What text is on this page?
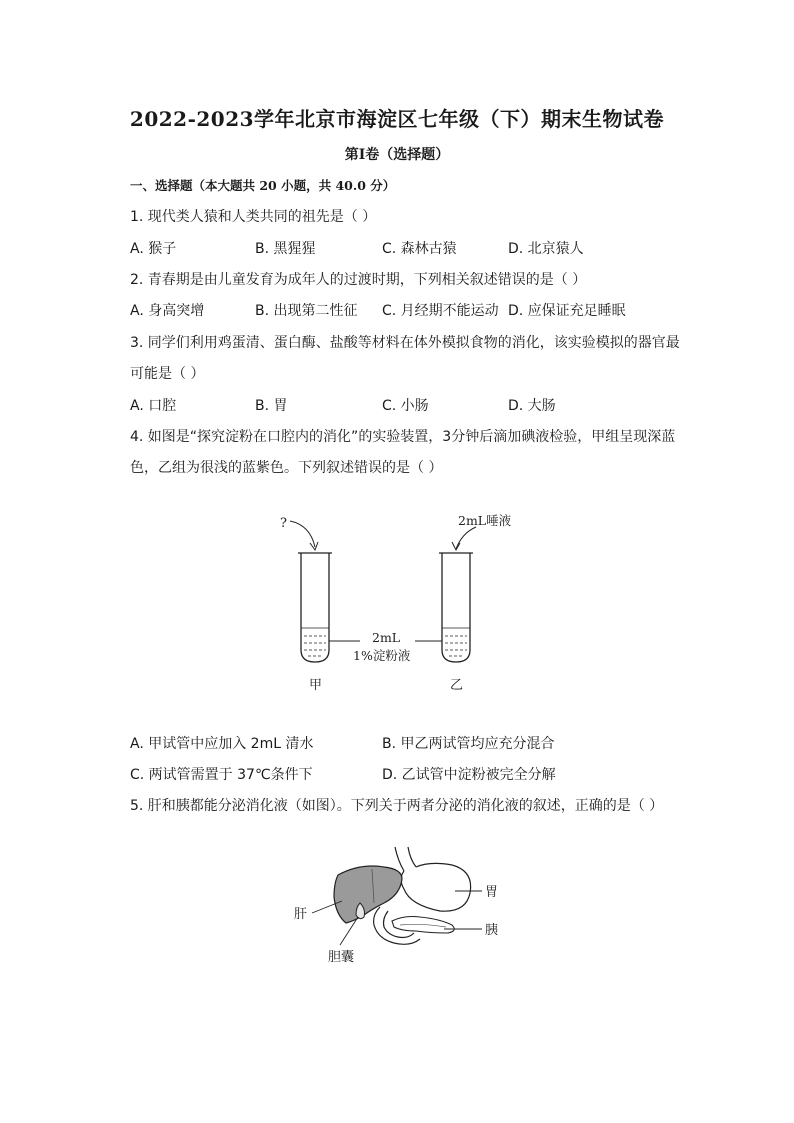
2022-2023学年北京市海淀区七年级（下）期末生物试卷
第Ⅰ卷（选择题）
一、选择题（本大题共 20 小题，共 40.0 分）
1. 现代类人猿和人类共同的祖先是（ ）
A. 猴子	B. 黑猩猩	C. 森林古猿	D. 北京猿人
2. 青春期是由儿童发育为成年人的过渡时期，下列相关叙述错误的是（ ）
A. 身高突增	B. 出现第二性征 C. 月经期不能运动 D. 应保证充足睡眠
3. 同学们利用鸡蛋清、蛋白酶、盐酸等材料在体外模拟食物的消化，该实验模拟的器官最
可能是（ ）
A. 口腔	B. 胃	C. 小肠	D. 大肠
4. 如图是“探究淀粉在口腔内的消化”的实验装置，3分钟后滴加碘液检验，甲组呈现深蓝
色，乙组为很浅的蓝紫色。下列叙述错误的是（ ）
?	2mL唾液
2mL
1%淀粉液
甲	乙
A. 甲试管中应加入 2mL 清水	B. 甲乙两试管均应充分混合
C. 两试管需置于 37℃条件下	D. 乙试管中淀粉被完全分解
5. 肝和胰都能分泌消化液（如图）。下列关于两者分泌的消化液的叙述，正确的是（ ）
胃
胰
肝
胆囊
